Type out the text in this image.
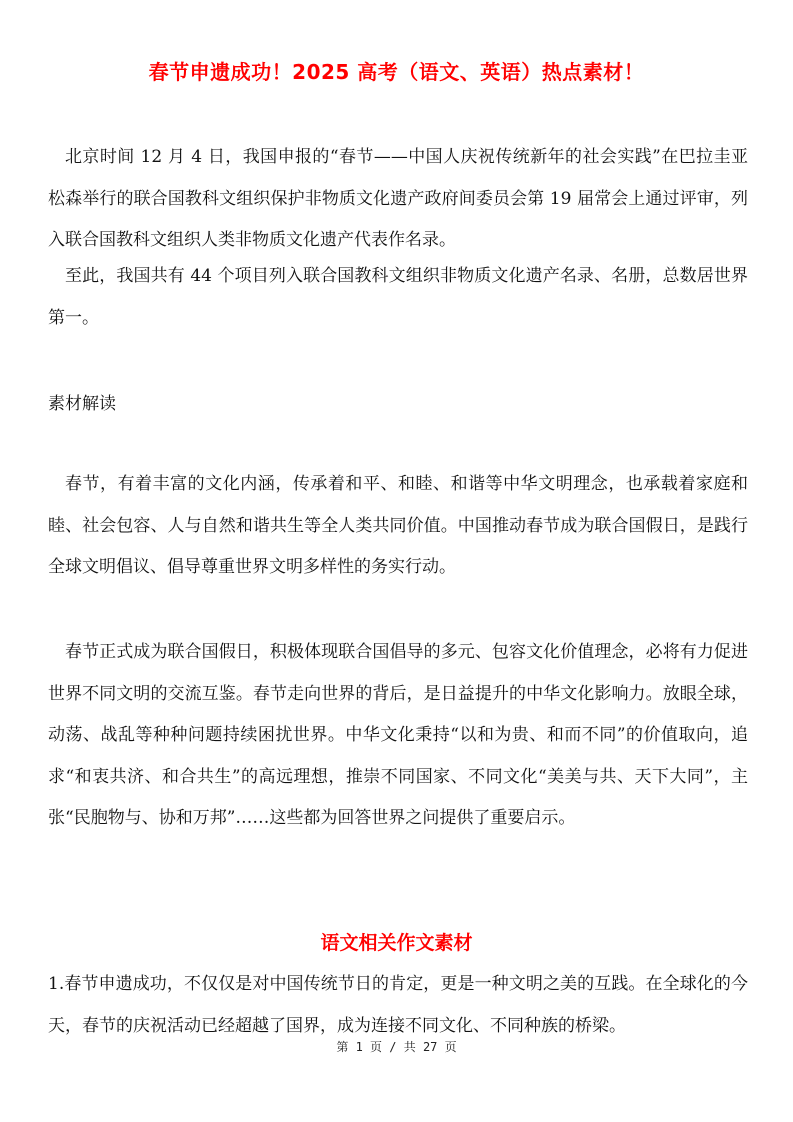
春节申遗成功！2025 高考（语文、英语）热点素材！

北京时间 12 月 4 日，我国申报的“春节——中国人庆祝传统新年的社会实践”在巴拉圭亚松森举行的联合国教科文组织保护非物质文化遗产政府间委员会第 19 届常会上通过评审，列入联合国教科文组织人类非物质文化遗产代表作名录。

至此，我国共有 44 个项目列入联合国教科文组织非物质文化遗产名录、名册，总数居世界第一。

素材解读

春节，有着丰富的文化内涵，传承着和平、和睦、和谐等中华文明理念，也承载着家庭和睦、社会包容、人与自然和谐共生等全人类共同价值。中国推动春节成为联合国假日，是践行全球文明倡议、倡导尊重世界文明多样性的务实行动。

春节正式成为联合国假日，积极体现联合国倡导的多元、包容文化价值理念，必将有力促进世界不同文明的交流互鉴。春节走向世界的背后，是日益提升的中华文化影响力。放眼全球，动荡、战乱等种种问题持续困扰世界。中华文化秉持“以和为贵、和而不同”的价值取向，追求“和衷共济、和合共生”的高远理想，推崇不同国家、不同文化“美美与共、天下大同”，主张“民胞物与、协和万邦”……这些都为回答世界之问提供了重要启示。

语文相关作文素材

1.春节申遗成功，不仅仅是对中国传统节日的肯定，更是一种文明之美的互践。在全球化的今天，春节的庆祝活动已经超越了国界，成为连接不同文化、不同种族的桥梁。

第 1 页 / 共 27 页
